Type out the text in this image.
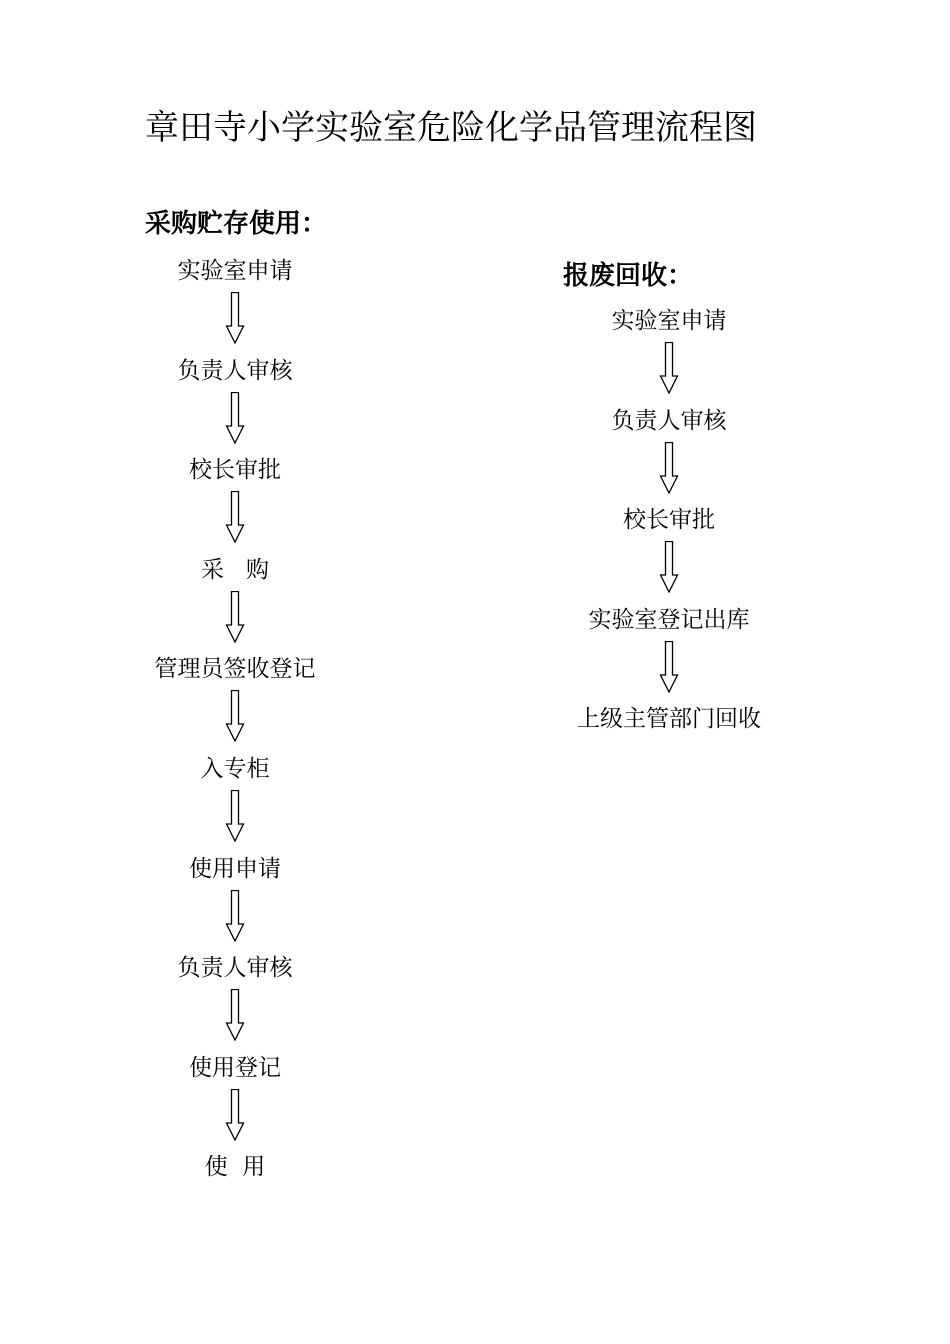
章田寺小学实验室危险化学品管理流程图
采购贮存使用：
报废回收：
实验室申请
负责人审核
校长审批
采   购
管理员签收登记
入专柜
使用申请
负责人审核
使用登记
使  用
实验室申请
负责人审核
校长审批
实验室登记出库
上级主管部门回收
